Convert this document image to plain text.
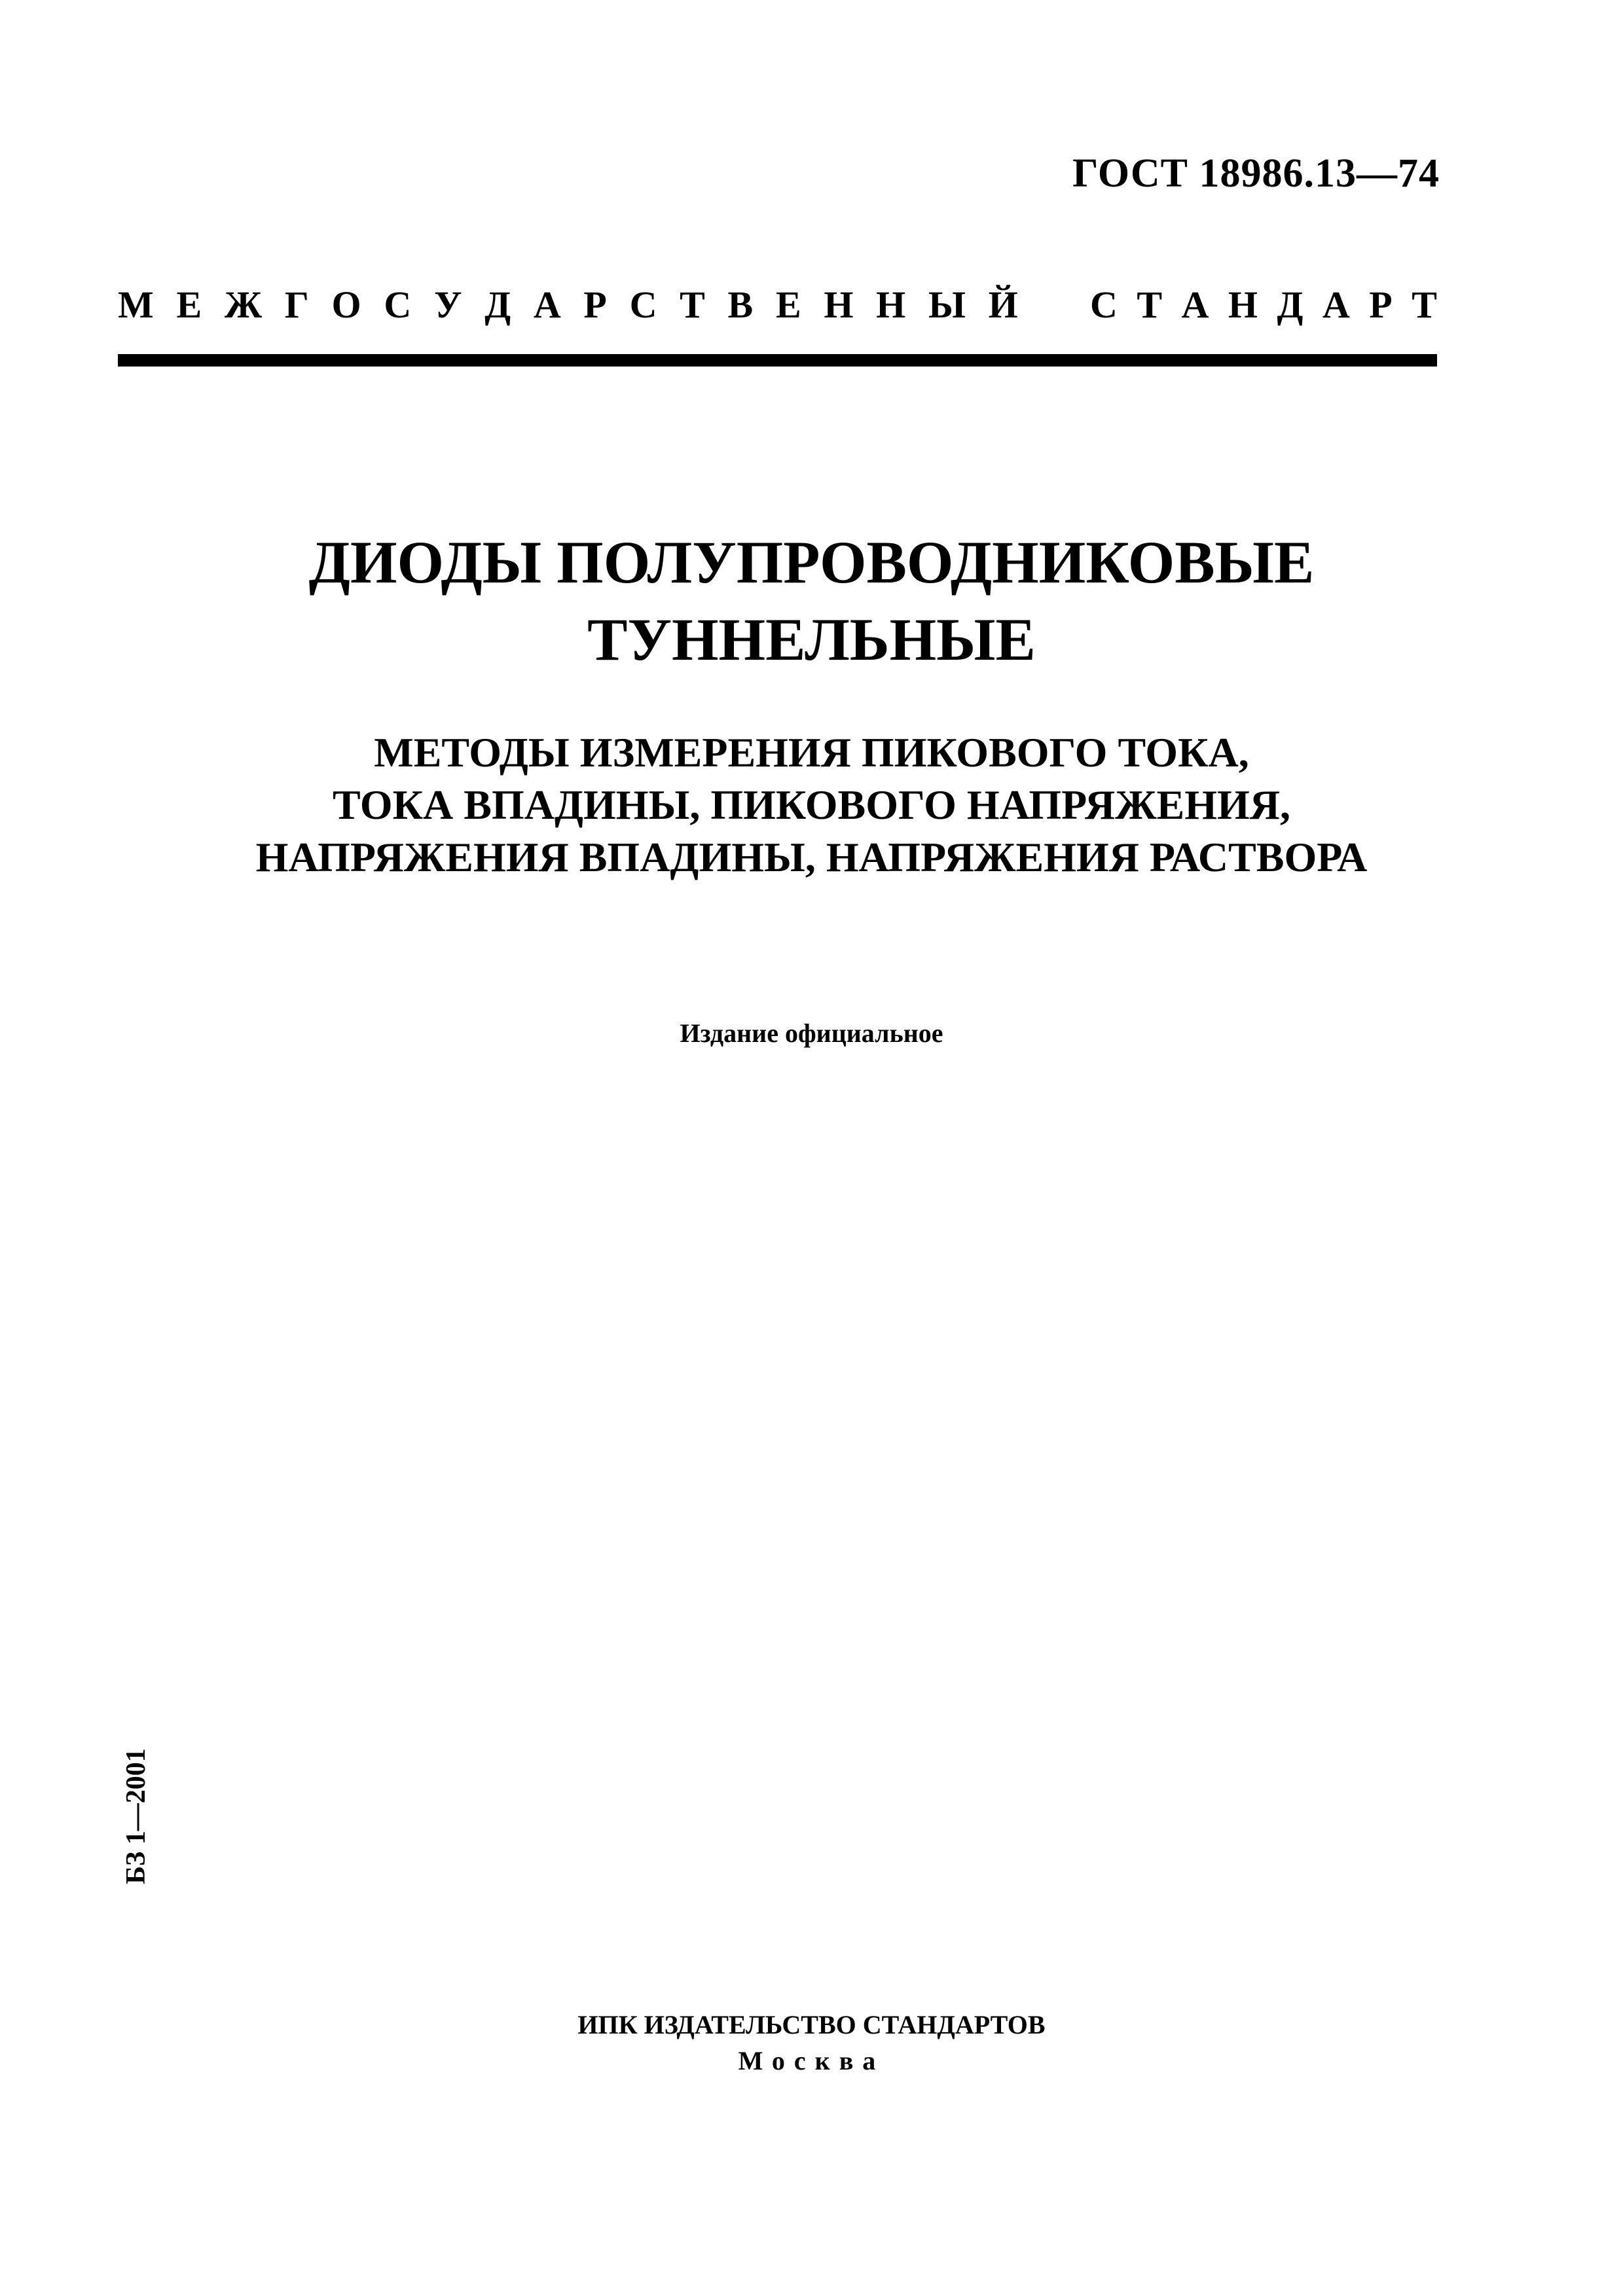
ГОСТ 18986.13—74
М Е Ж Г О С У Д А Р С Т В Е Н Н Ы Й С Т А Н Д А Р Т
ДИОДЫ ПОЛУПРОВОДНИКОВЫЕ
ТУННЕЛЬНЫЕ
МЕТОДЫ ИЗМЕРЕНИЯ ПИКОВОГО ТОКА,
ТОКА ВПАДИНЫ, ПИКОВОГО НАПРЯЖЕНИЯ,
НАПРЯЖЕНИЯ ВПАДИНЫ, НАПРЯЖЕНИЯ РАСТВОРА
Издание официальное
БЗ 1—2001
ИПК ИЗДАТЕЛЬСТВО СТАНДАРТОВ
Москва
